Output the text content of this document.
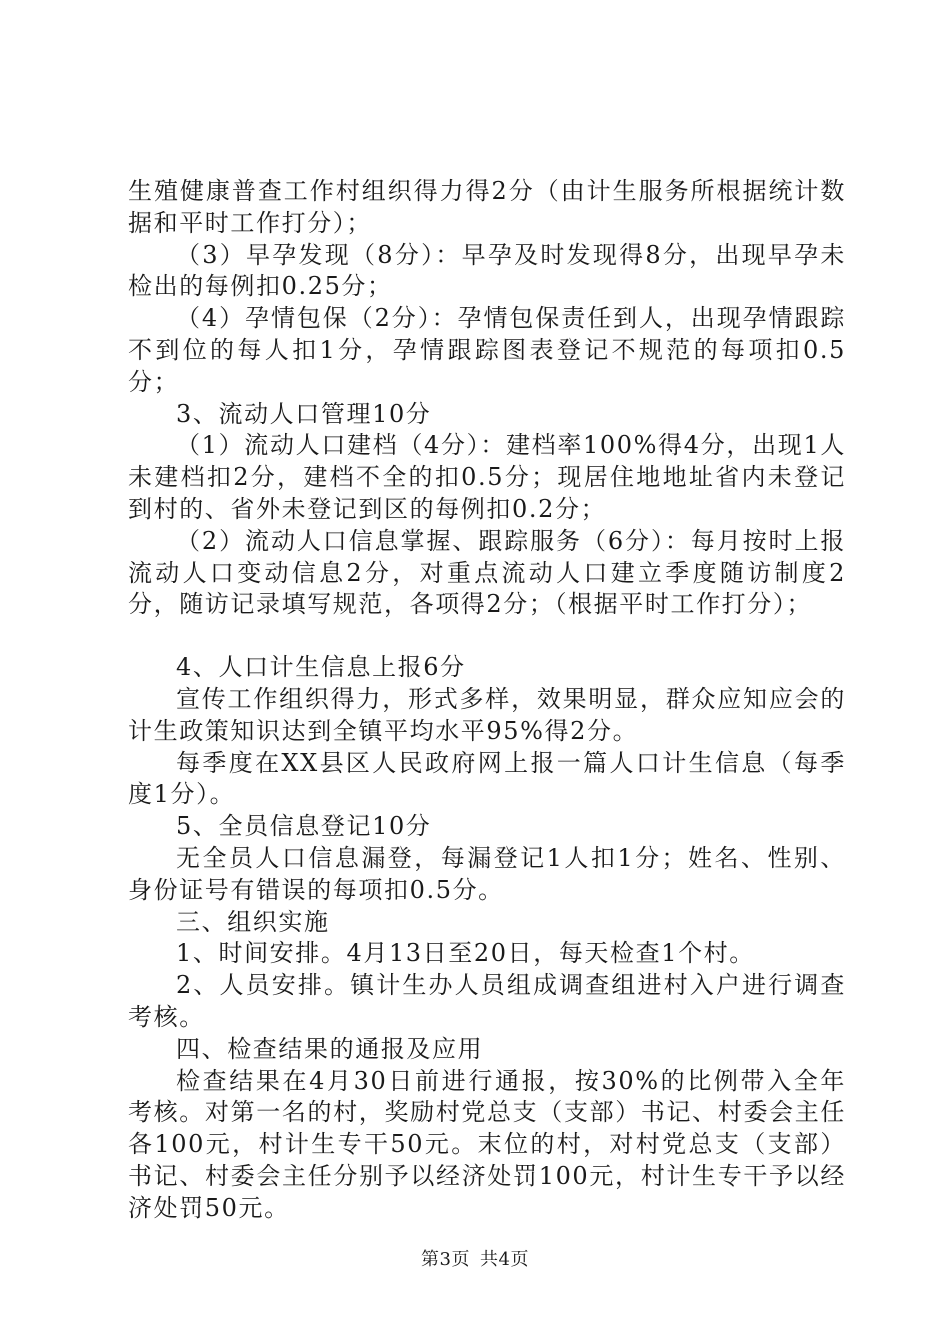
生殖健康普查工作村组织得力得2分（由计生服务所根据统计数据和平时工作打分）；

（3）早孕发现（8分）：早孕及时发现得8分，出现早孕未检出的每例扣0.25分；

（4）孕情包保（2分）：孕情包保责任到人，出现孕情跟踪不到位的每人扣1分，孕情跟踪图表登记不规范的每项扣0.5分；

3、流动人口管理10分

（1）流动人口建档（4分）：建档率100%得4分，出现1人未建档扣2分，建档不全的扣0.5分；现居住地地址省内未登记到村的、省外未登记到区的每例扣0.2分；

（2）流动人口信息掌握、跟踪服务（6分）：每月按时上报流动人口变动信息2分，对重点流动人口建立季度随访制度2分，随访记录填写规范，各项得2分；（根据平时工作打分）；

4、人口计生信息上报6分

宣传工作组织得力，形式多样，效果明显，群众应知应会的计生政策知识达到全镇平均水平95%得2分。

每季度在XX县区人民政府网上报一篇人口计生信息（每季度1分）。

5、全员信息登记10分

无全员人口信息漏登，每漏登记1人扣1分；姓名、性别、身份证号有错误的每项扣0.5分。

三、组织实施

1、时间安排。4月13日至20日，每天检查1个村。

2、人员安排。镇计生办人员组成调查组进村入户进行调查考核。

四、检查结果的通报及应用

检查结果在4月30日前进行通报，按30%的比例带入全年考核。对第一名的村，奖励村党总支（支部）书记、村委会主任各100元，村计生专干50元。末位的村，对村党总支（支部）书记、村委会主任分别予以经济处罚100元，村计生专干予以经济处罚50元。

第3页 共4页
